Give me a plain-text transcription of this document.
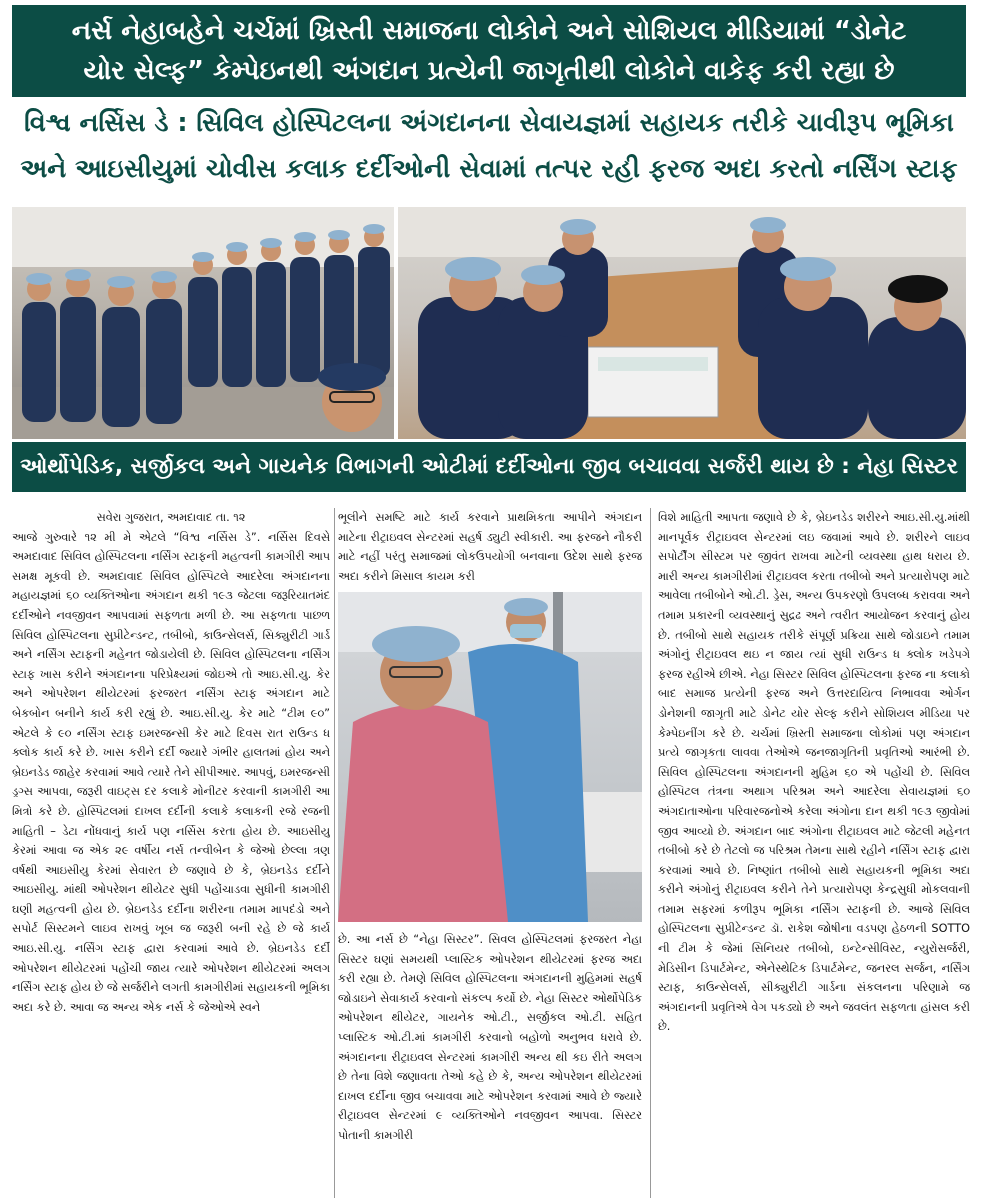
નર્સ નેહાબહેને ચર્ચમાં ખ્રિસ્તી સમાજના લોકોને અને સોશિયલ મીડિયામાં “ડોનેટ

યોર સેલ્ફ” કેમ્પેઇનથી અંગદાન પ્રત્યેની જાગૃતીથી લોકોને વાકેફ કરી રહ્યા છે

વિશ્વ નર્સિસ ડે : સિવિલ હોસ્પિટલના અંગદાનના સેવાયજ્ઞમાં સહાયક તરીકે ચાવીરૂપ ભૂમિકા

અને આઇસીયુમાં ચોવીસ કલાક દર્દીઓની સેવામાં તત્પર રહી ફરજ અદા કરતો નર્સિંગ સ્ટાફ

ઓર્થોપેડિક, સર્જીકલ અને ગાયનેક વિભાગની ઓટીમાં દર્દીઓના જીવ બચાવવા સર્જરી થાય છે : નેહા સિસ્ટર

સવેરા ગુજરાત, અમદાવાદ તા. ૧૨

આજે ગુરુવારે ૧૨ મી મે એટલે “વિશ્વ નર્સિસ ડે”. નર્સિસ દિવસે અમદાવાદ સિવિલ હોસ્પિટલના નર્સિંગ સ્ટાફની મહત્વની કામગીરી આપ સમક્ષ મૂકવી છે. અમદાવાદ સિવિલ હોસ્પિટલે આદરેલા અંગદાનના મહાયજ્ઞમાં ૬૦ વ્યક્તિઓના અંગદાન થકી ૧૯૩ જેટલા જરૂરિયાતમંદ દર્દીઓને નવજીવન આપવામાં સફળતા મળી છે. આ સફળતા પાછળ સિવિલ હોસ્પિટલના સુપ્રીટેન્ડન્ટ, તબીબો, કાઉન્સેલર્સ, સિક્યુરીટી ગાર્ડ અને નર્સિંગ સ્ટાફની મહેનત જોડાયેલી છે. સિવિલ હોસ્પિટલના નર્સિંગ સ્ટાફ ખાસ કરીને અંગદાનના પરિપ્રેક્ષ્યમાં જોઇએ તો આઇ.સી.યુ. કેર અને ઓપરેશન થીયેટરમાં ફરજરત નર્સિંગ સ્ટાફ અંગદાન માટે બેકબોન બનીને કાર્ય કરી રહ્યું છે. આઇ.સી.યુ. કેર માટે “ટીમ ૯૦” એટલે કે ૯૦ નર્સિંગ સ્ટાફ ઇમરજન્સી કેર માટે દિવસ રાત રાઉન્ડ ધ ક્લોક કાર્ય કરે છે. ખાસ કરીને દર્દી જ્યારે ગંભીર હાલતમાં હોય અને બ્રેઇનડેડ જાહેર કરવામાં આવે ત્યારે તેને સીપીઆર. આપવું, ઇમરજન્સી ડ્રગ્સ આપવા, જરૂરી વાઇટ્સ દર કલાકે મોનીટર કરવાની કામગીરી આ મિત્રો કરે છે. હોસ્પિટલમાં દાખલ દર્દીની કલાકે કલાકની રજે રજની માહિતી – ડેટા નોંધવાનું કાર્ય પણ નર્સિસ કરતા હોય છે. આઇસીયુ કેરમાં આવા જ એક ૨૯ વર્ષીય નર્સ તન્વીબેન કે જેઓ છેલ્લા ત્રણ વર્ષથી આઇસીયુ કેરમાં સેવારત છે જણાવે છે કે, બ્રેઇનડેડ દર્દીને આઇસીયુ. માંથી ઓપરેશન થીયેટર સુધી પહોંચાડવા સુધીની કામગીરી ઘણી મહત્વની હોય છે. બ્રેઇનડેડ દર્દીના શરીરના તમામ માપદંડો અને સપોર્ટ સિસ્ટમને લાઇવ રાખવું ખૂબ જ જરૂરી બની રહે છે જે કાર્ય આઇ.સી.યુ. નર્સિંગ સ્ટાફ દ્વારા કરવામાં આવે છે. બ્રેઇનડેડ દર્દી ઓપરેશન થીયેટરમાં પહોંચી જાય ત્યારે ઓપરેશન થીયેટરમાં અલગ નર્સિંગ સ્ટાફ હોય છે જે સર્જરીને લગતી કામગીરીમાં સહાયકની ભૂમિકા અદા કરે છે. આવા જ અન્ય એક નર્સ કે જેઓએ સ્વને

ભૂલીને સમષ્ટિ માટે કાર્ય કરવાને પ્રાથમિકતા આપીને અંગદાન માટેના રીટ્રાઇવલ સેન્ટરમાં સહર્ષ ડ્યુટી સ્વીકારી. આ ફરજને નૌકરી માટે નહીં પરંતુ સમાજમાં લોકઉપયોગી બનવાના ઉદેશ સાથે ફરજ અદા કરીને મિસાલ કાયમ કરી

છે. આ નર્સ છે “નેહા સિસ્ટર”. સિવલ હોસ્પિટલમાં ફરજરત નેહા સિસ્ટર ઘણાં સમયથી પ્લાસ્ટિક ઓપરેશન થીયેટરમાં ફરજ અદા કરી રહ્યા છે. તેમણે સિવિલ હોસ્પિટલના અંગદાનની મુહિમમાં સહર્ષ જોડાઇને સેવાકાર્ય કરવાનો સંકલ્પ કર્યો છે. નેહા સિસ્ટર ઓર્થોપેડિક ઓપરેશન થીયેટર, ગાયનેક ઓ.ટી., સર્જીકલ ઓ.ટી. સહિત પ્લાસ્ટિક ઓ.ટી.માં કામગીરી કરવાનો બહોળો અનુભવ ધરાવે છે. અંગદાનના રીટ્રાઇવલ સેન્ટરમાં કામગીરી અન્ય થી કઇ રીતે અલગ છે તેના વિશે જણાવતા તેઓ કહે છે કે, અન્ય ઓપરેશન થીયેટરમાં દાખલ દર્દીના જીવ બચાવવા માટે ઓપરેશન કરવામાં આવે છે જ્યારે રીટ્રાઇવલ સેન્ટરમાં ૯ વ્યક્તિઓને નવજીવન આપવા. સિસ્ટર પોતાની કામગીરી

વિશે માહિતી આપતા જણાવે છે કે, બ્રેઇનડેડ શરીરને આઇ.સી.યુ.માંથી માનપૂર્વક રીટ્રાઇવલ સેન્ટરમાં લઇ જવામાં આવે છે. શરીરને લાઇવ સપોર્ટીંગ સીસ્ટમ પર જીવંત રાખવા માટેની વ્યવસ્થા હાથ ધરાય છે. મારી અન્ય કામગીરીમાં રીટ્રાઇવલ કરતા તબીબો અને પ્રત્યારોપણ માટે આવેલા તબીબોને ઓ.ટી. ડ્રેસ, અન્ય ઉપકરણો ઉપલબ્ધ કરાવવા અને તમામ પ્રકારની વ્યવસ્થાનું સુદ્રઢ અને ત્વરીત આયોજન કરવાનું હોય છે. તબીબો સાથે સહાયક તરીકે સંપૂર્ણ પ્રક્રિયા સાથે જોડાઇને તમામ અંગોનું રીટ્રાઇવલ થઇ ન જાય ત્યાં સુધી રાઉન્ડ ધ ક્લોક ખડેપગે ફરજ રહીએ છીએ. નેહા સિસ્ટર સિવિલ હોસ્પિટલના ફરજ ના કલાકો બાદ સમાજ પ્રત્યેની ફરજ અને ઉત્તરદાયિત્વ નિભાવવા ઓર્ગન ડોનેશની જાગૃતી માટે ડોનેટ યોર સેલ્ફ કરીને સોશિયલ મીડિયા પર કેમ્પેઇનીંગ કરે છે. ચર્ચમાં ખ્રિસ્તી સમાજના લોકોમાં પણ અંગદાન પ્રત્યે જાગૃકતા લાવવા તેઓએ જનજાગૃતિની પ્રવૃતિઓ આરંભી છે. સિવિલ હોસ્પિટલના અંગદાનની મુહિમ ૬૦ એ પહોંચી છે. સિવિલ હોસ્પિટલ તંત્રના અથાગ પરિશ્રમ અને આદરેલા સેવાયજ્ઞમાં ૬૦ અંગદાતાઓના પરિવારજનોએ કરેલા અંગોના દાન થકી ૧૯૩ જીવોમાં જીવ આવ્યો છે. અંગદાન બાદ અંગોના રીટ્રાઇવલ માટે જેટલી મહેનત તબીબો કરે છે તેટલો જ પરિશ્રમ તેમના સાથે રહીને નર્સિંગ સ્ટાફ દ્વારા કરવામાં આવે છે. નિષ્ણાંત તબીબો સાથે સહાયકની ભૂમિકા અદા કરીને અંગોનું રીટ્રાઇવલ કરીને તેને પ્રત્યારોપણ કેન્દ્રસુધી મોકલવાની તમામ સફરમાં કળીરૂપ ભૂમિકા નર્સિંગ સ્ટાફની છે. આજે સિવિલ હોસ્પિટલના સુપ્રીટેન્ડન્ટ ડૉ. રાકેશ જોષીના વડપણ હેઠળની SOTTO ની ટીમ કે જેમાં સિનિયર તબીબો, ઇન્ટેન્સીવિસ્ટ, ન્યુરોસર્જરી, મેડિસીન ડિપાર્ટમેન્ટ, એનેસ્થેટિક ડિપાર્ટમેન્ટ, જનરલ સર્જન, નર્સિંગ સ્ટાફ, કાઉન્સેલર્સ, સીક્યુરીટી ગાર્ડના સંકલનના પરિણામે જ અંગદાનની પ્રવૃતિએ વેગ પકડ્યો છે અને જવલંત સફળતા હાંસલ કરી છે.
